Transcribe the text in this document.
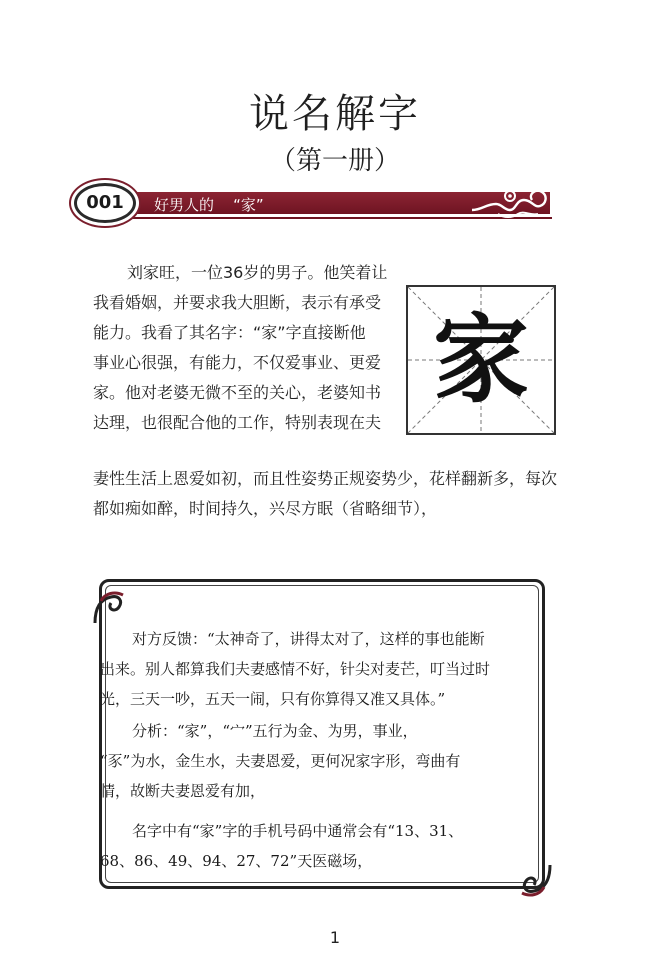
说名解字
（第一册）
001	好男人的    “家”
刘家旺，一位36岁的男子。他笑着让
我看婚姻，并要求我大胆断，表示有承受
能力。我看了其名字：“家”字直接断他
事业心很强，有能力，不仅爱事业、更爱
家。他对老婆无微不至的关心，老婆知书
达理，也很配合他的工作，特别表现在夫
家
妻性生活上恩爱如初，而且性姿势正规姿势少，花样翻新多，每次
都如痴如醉，时间持久，兴尽方眠（省略细节），
对方反馈：“太神奇了，讲得太对了，这样的事也能断
出来。别人都算我们夫妻感情不好，针尖对麦芒，叮当过时
光，三天一吵，五天一闹，只有你算得又准又具体。”
分析：“家”，“宀”五行为金、为男，事业，
“豕”为水，金生水，夫妻恩爱，更何况家字形，弯曲有
情，故断夫妻恩爱有加，
名字中有“家”字的手机号码中通常会有“13、31、
68、86、49、94、27、72”天医磁场，
1
